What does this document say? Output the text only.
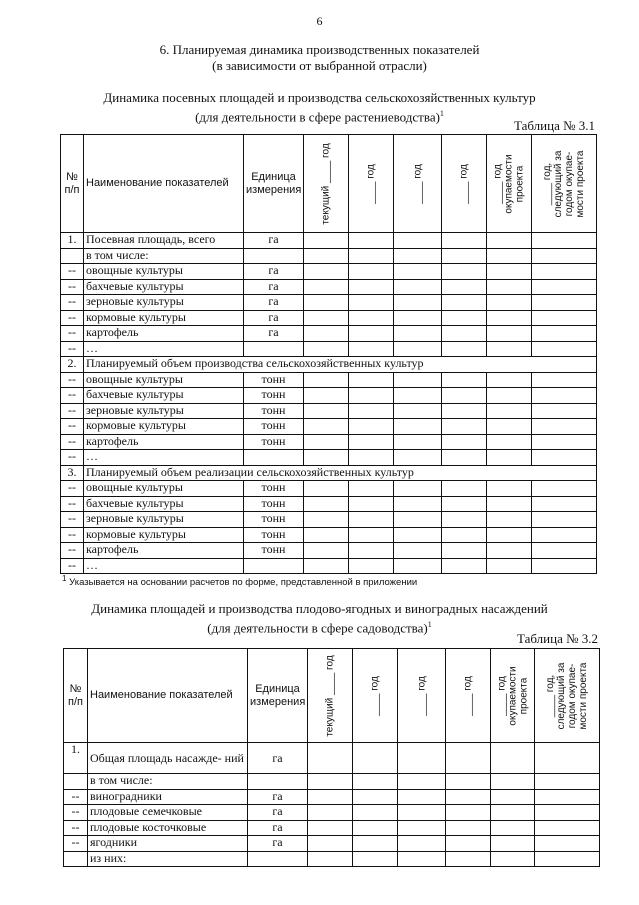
6
6. Планируемая динамика производственных показателей
(в зависимости от выбранной отрасли)
Динамика посевных площадей и производства сельскохозяйственных культур
(для деятельности в сфере растениеводства)$^1$
Таблица № 3.1
№ п/п	Наименование показателей	Единица измерения	текущий ____ год	____ год	____ год	____ год	____ год окупаемости проекта	____ год, следующий за годом окупае- мости проекта

1.	Посевная площадь, всего	га						
	в том числе:							
--	овощные культуры	га						
--	бахчевые культуры	га						
--	зерновые культуры	га						
--	кормовые культуры	га						
--	картофель	га						
--	…							
2.	Планируемый объем производства сельскохозяйственных культур							
--	овощные культуры	тонн						
--	бахчевые культуры	тонн						
--	зерновые культуры	тонн						
--	кормовые культуры	тонн						
--	картофель	тонн						
--	…							
3.	Планируемый объем реализации сельскохозяйственных культур							
--	овощные культуры	тонн						
--	бахчевые культуры	тонн						
--	зерновые культуры	тонн						
--	кормовые культуры	тонн						
--	картофель	тонн						
--	…							
$^1$ Указывается на основании расчетов по форме, представленной в приложении
Динамика площадей и производства плодово-ягодных и виноградных насаждений
(для деятельности в сфере садоводства)$^1$
Таблица № 3.2
№ п/п	Наименование показателей	Единица измерения	текущий ____ год	____ год	____ год	____ год	____ год окупаемости проекта	____ год, следующий за годом окупае- мости проекта

1.	Общая площадь насажде- ний	га						
	в том числе:							
--	виноградники	га						
--	плодовые семечковые	га						
--	плодовые косточковые	га						
--	ягодники	га						
	из них:							
